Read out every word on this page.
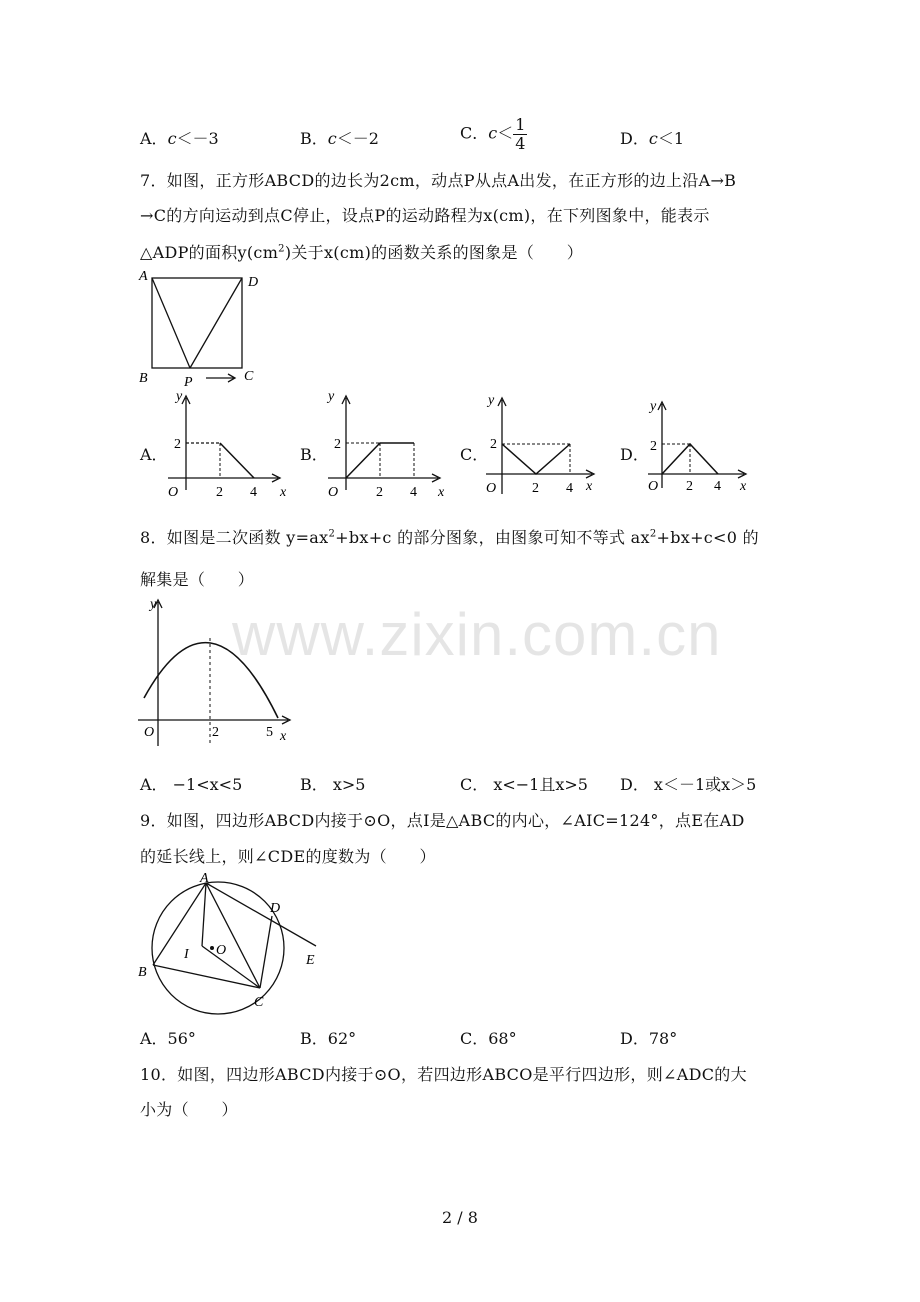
A．c＜－3	B．c＜－2	C．$c< \frac{1}{4}$	D．c＜1
7．如图，正方形ABCD的边长为2cm，动点P从点A出发，在正方形的边上沿A→B
→C的方向运动到点C停止，设点P的运动路程为x(cm)，在下列图象中，能表示
△ADP的面积$y(cm^2)$关于x(cm)的函数关系的图象是（　　）
A	D
B	C
P
A．	B．	C．	D．
y
2
O	2 4 x
y
2
O	2 4 x
y
2
O	2 4 x
y
2
O 2 4 x
8．如图是二次函数 $y=ax^2+bx+c$ 的部分图象，由图象可知不等式 $ax^2+bx+c<0$ 的
解集是（　　）
y
O	2	5 x
www.zixin.com.cn
A． −1<x<5	B． x>5	C． x<−1且x>5 D． x＜－1或x＞5
9．如图，四边形ABCD内接于⊙O，点I是△ABC的内心，∠AIC=124°，点E在AD
的延长线上，则∠CDE的度数为（　　）
A
B
C
D
E
I O
A．56°	B．62°	C．68°	D．78°
10．如图，四边形ABCD内接于⊙O，若四边形ABCO是平行四边形，则∠ADC的大
小为（　　）
2 / 8
